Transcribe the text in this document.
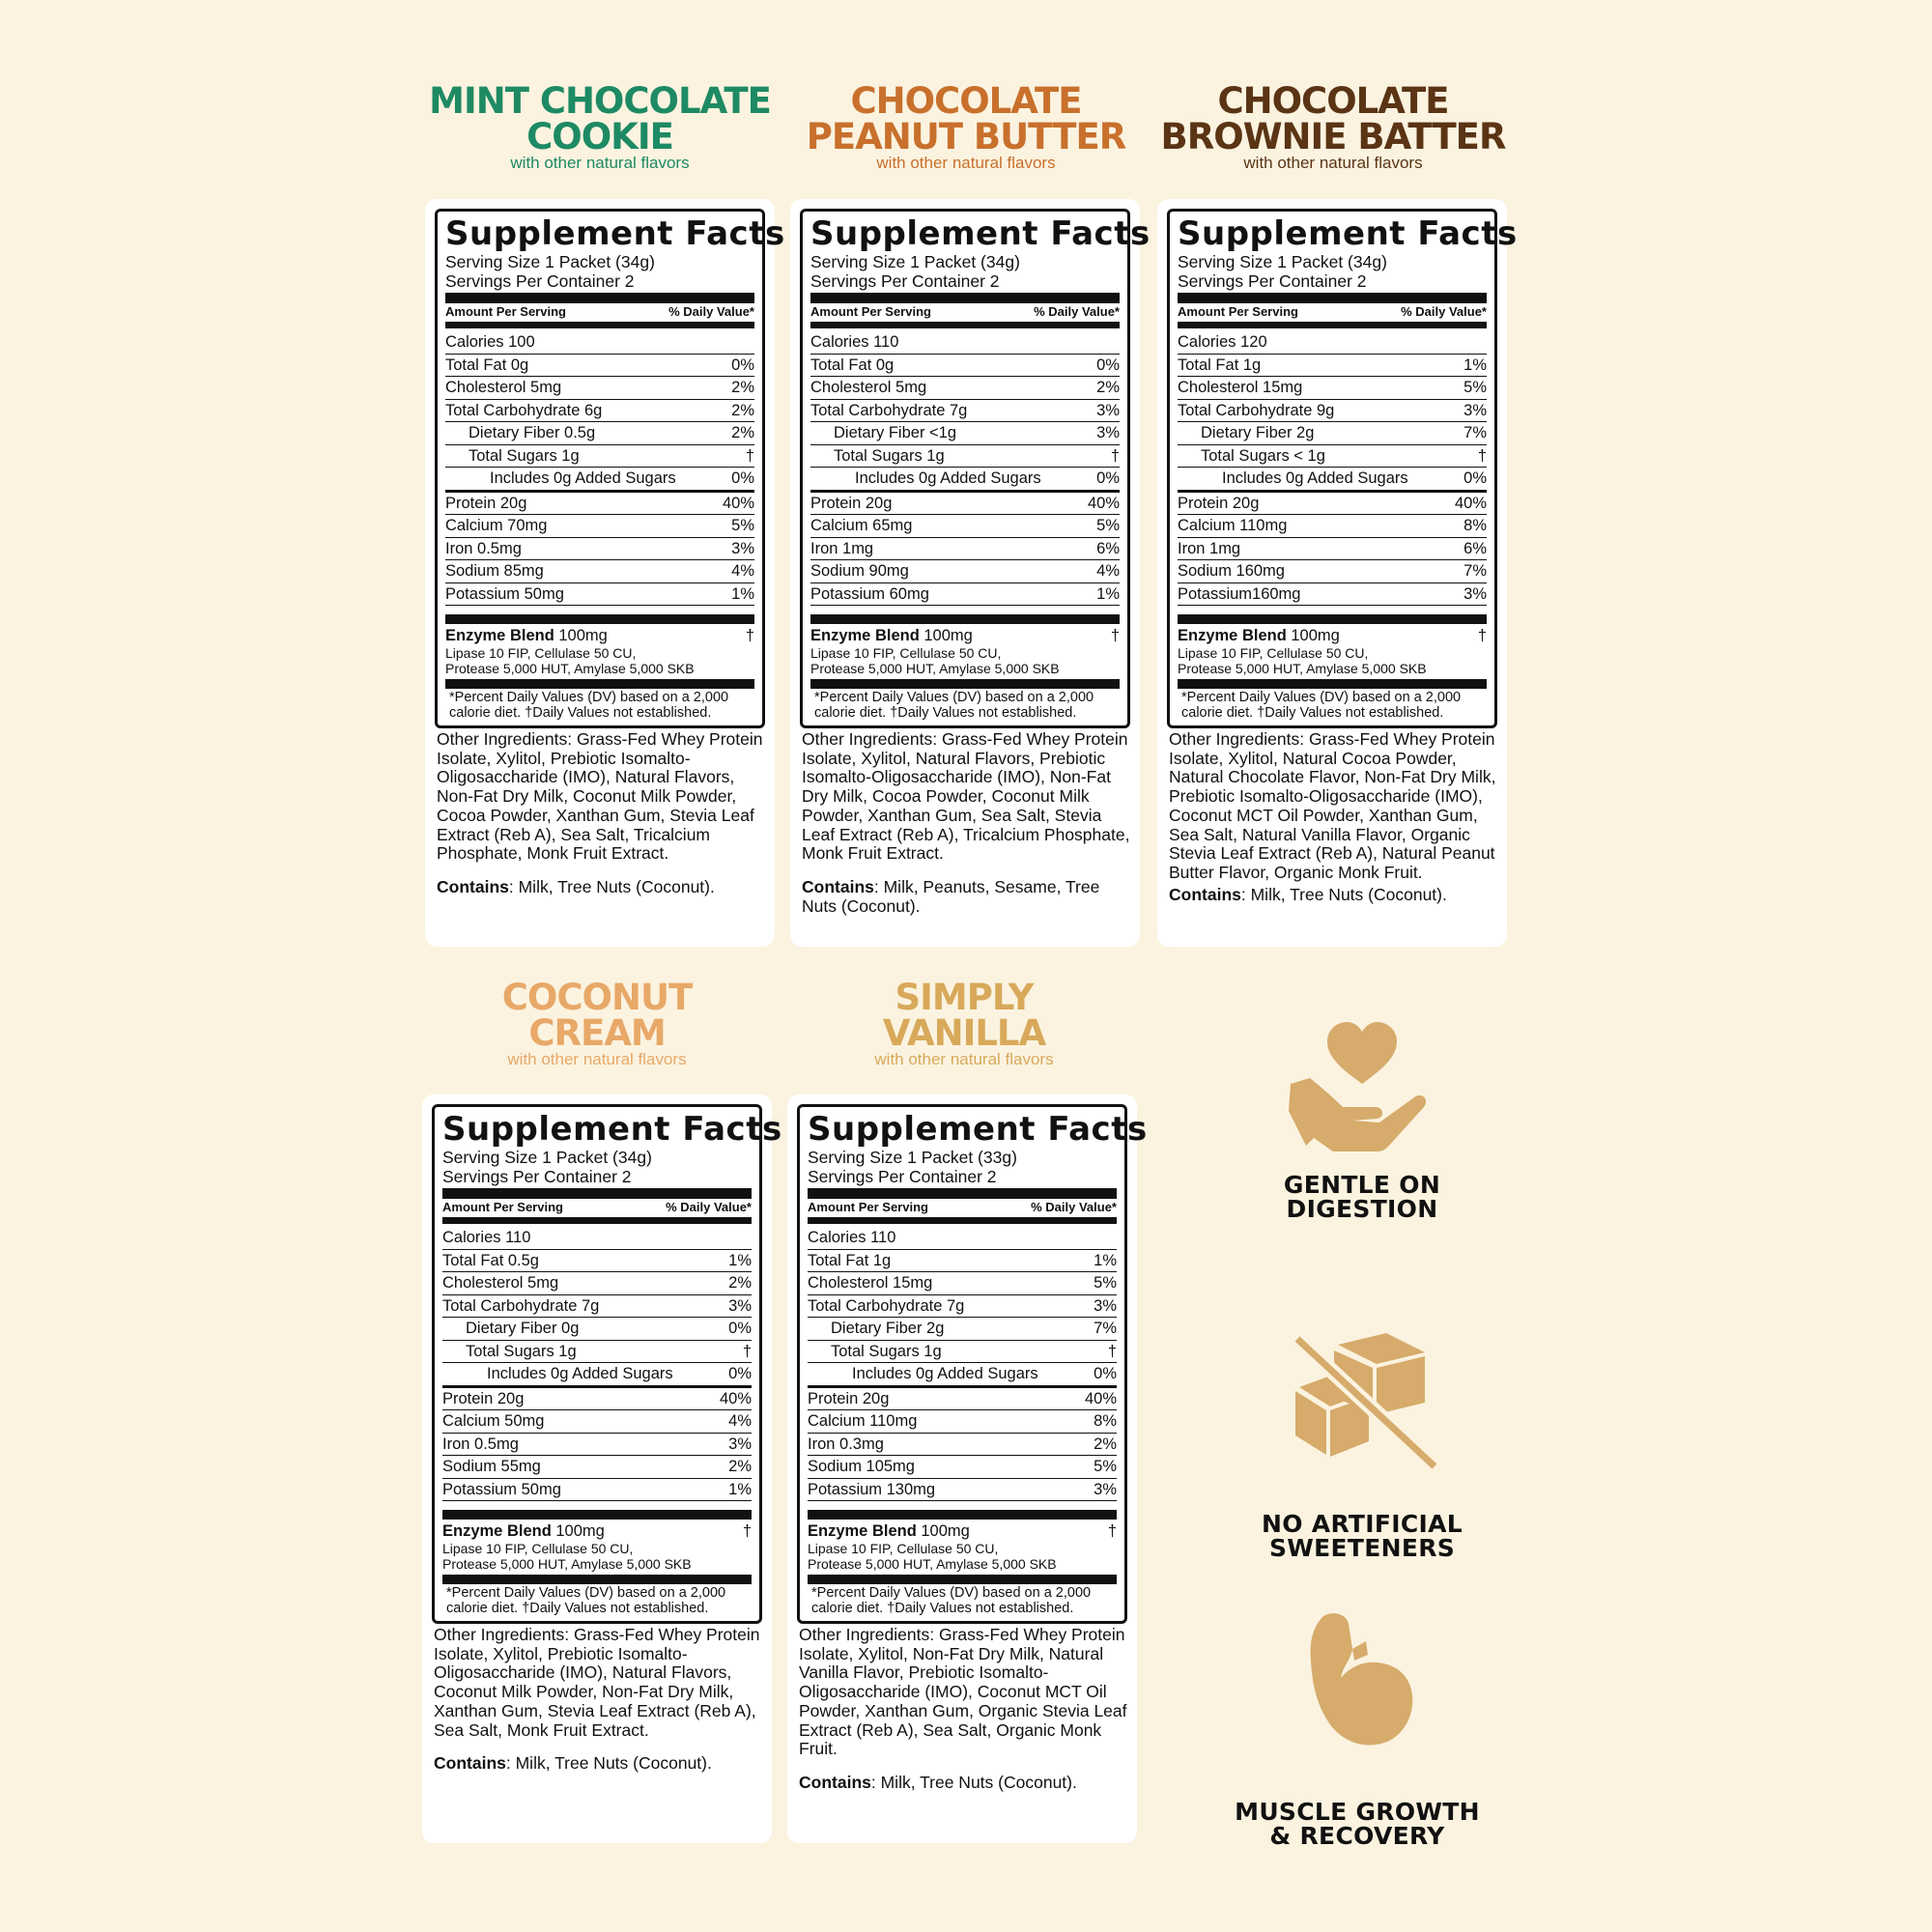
MINT CHOCOLATE
COOKIE
with other natural flavors
CHOCOLATE
PEANUT BUTTER
with other natural flavors
CHOCOLATE
BROWNIE BATTER
with other natural flavors
COCONUT
CREAM
with other natural flavors
SIMPLY
VANILLA
with other natural flavors
Supplement Facts
Serving Size 1 Packet (34g)
Servings Per Container 2
Amount Per Serving	% Daily Value*
Calories 100
Total Fat 0g	0%
Cholesterol 5mg	2%
Total Carbohydrate 6g	2%
Dietary Fiber 0.5g	2%
Total Sugars 1g	†
Includes 0g Added Sugars	0%
Protein 20g	40%
Calcium 70mg	5%
Iron 0.5mg	3%
Sodium 85mg	4%
Potassium 50mg	1%
Enzyme Blend 100mg	†
Lipase 10 FIP, Cellulase 50 CU,
Protease 5,000 HUT, Amylase 5,000 SKB
*Percent Daily Values (DV) based on a 2,000
calorie diet. †Daily Values not established.
Other Ingredients: Grass-Fed Whey Protein Isolate, Xylitol, Prebiotic Isomalto-Oligosaccharide (IMO), Natural Flavors, Non-Fat Dry Milk, Coconut Milk Powder, Cocoa Powder, Xanthan Gum, Stevia Leaf Extract (Reb A), Sea Salt, Tricalcium Phosphate, Monk Fruit Extract.
Contains: Milk, Tree Nuts (Coconut).
Supplement Facts
Serving Size 1 Packet (34g)
Servings Per Container 2
Amount Per Serving	% Daily Value*
Calories 110
Total Fat 0g	0%
Cholesterol 5mg	2%
Total Carbohydrate 7g	3%
Dietary Fiber <1g	3%
Total Sugars 1g	†
Includes 0g Added Sugars	0%
Protein 20g	40%
Calcium 65mg	5%
Iron 1mg	6%
Sodium 90mg	4%
Potassium 60mg	1%
Enzyme Blend 100mg	†
Lipase 10 FIP, Cellulase 50 CU,
Protease 5,000 HUT, Amylase 5,000 SKB
*Percent Daily Values (DV) based on a 2,000
calorie diet. †Daily Values not established.
Other Ingredients: Grass-Fed Whey Protein Isolate, Xylitol, Natural Flavors, Prebiotic Isomalto-Oligosaccharide (IMO), Non-Fat Dry Milk, Cocoa Powder, Coconut Milk Powder, Xanthan Gum, Sea Salt, Stevia Leaf Extract (Reb A), Tricalcium Phosphate, Monk Fruit Extract.
Contains: Milk, Peanuts, Sesame, Tree Nuts (Coconut).
Supplement Facts
Serving Size 1 Packet (34g)
Servings Per Container 2
Amount Per Serving	% Daily Value*
Calories 120
Total Fat 1g	1%
Cholesterol 15mg	5%
Total Carbohydrate 9g	3%
Dietary Fiber 2g	7%
Total Sugars < 1g	†
Includes 0g Added Sugars	0%
Protein 20g	40%
Calcium 110mg	8%
Iron 1mg	6%
Sodium 160mg	7%
Potassium160mg	3%
Enzyme Blend 100mg	†
Lipase 10 FIP, Cellulase 50 CU,
Protease 5,000 HUT, Amylase 5,000 SKB
*Percent Daily Values (DV) based on a 2,000
calorie diet. †Daily Values not established.
Other Ingredients: Grass-Fed Whey Protein Isolate, Xylitol, Natural Cocoa Powder, Natural Chocolate Flavor, Non-Fat Dry Milk, Prebiotic Isomalto-Oligosaccharide (IMO), Coconut MCT Oil Powder, Xanthan Gum, Sea Salt, Natural Vanilla Flavor, Organic Stevia Leaf Extract (Reb A), Natural Peanut Butter Flavor, Organic Monk Fruit.
Contains: Milk, Tree Nuts (Coconut).
Supplement Facts
Serving Size 1 Packet (34g)
Servings Per Container 2
Amount Per Serving	% Daily Value*
Calories 110
Total Fat 0.5g	1%
Cholesterol 5mg	2%
Total Carbohydrate 7g	3%
Dietary Fiber 0g	0%
Total Sugars 1g	†
Includes 0g Added Sugars	0%
Protein 20g	40%
Calcium 50mg	4%
Iron 0.5mg	3%
Sodium 55mg	2%
Potassium 50mg	1%
Enzyme Blend 100mg	†
Lipase 10 FIP, Cellulase 50 CU,
Protease 5,000 HUT, Amylase 5,000 SKB
*Percent Daily Values (DV) based on a 2,000
calorie diet. †Daily Values not established.
Other Ingredients: Grass-Fed Whey Protein Isolate, Xylitol, Prebiotic Isomalto-Oligosaccharide (IMO), Natural Flavors, Coconut Milk Powder, Non-Fat Dry Milk, Xanthan Gum, Stevia Leaf Extract (Reb A), Sea Salt, Monk Fruit Extract.
Contains: Milk, Tree Nuts (Coconut).
Supplement Facts
Serving Size 1 Packet (33g)
Servings Per Container 2
Amount Per Serving	% Daily Value*
Calories 110
Total Fat 1g	1%
Cholesterol 15mg	5%
Total Carbohydrate 7g	3%
Dietary Fiber 2g	7%
Total Sugars 1g	†
Includes 0g Added Sugars	0%
Protein 20g	40%
Calcium 110mg	8%
Iron 0.3mg	2%
Sodium 105mg	5%
Potassium 130mg	3%
Enzyme Blend 100mg	†
Lipase 10 FIP, Cellulase 50 CU,
Protease 5,000 HUT, Amylase 5,000 SKB
*Percent Daily Values (DV) based on a 2,000
calorie diet. †Daily Values not established.
Other Ingredients: Grass-Fed Whey Protein Isolate, Xylitol, Non-Fat Dry Milk, Natural Vanilla Flavor, Prebiotic Isomalto-Oligosaccharide (IMO), Coconut MCT Oil Powder, Xanthan Gum, Organic Stevia Leaf Extract (Reb A), Sea Salt, Organic Monk Fruit.
Contains: Milk, Tree Nuts (Coconut).
GENTLE ON
DIGESTION
NO ARTIFICIAL
SWEETENERS
MUSCLE GROWTH
& RECOVERY
